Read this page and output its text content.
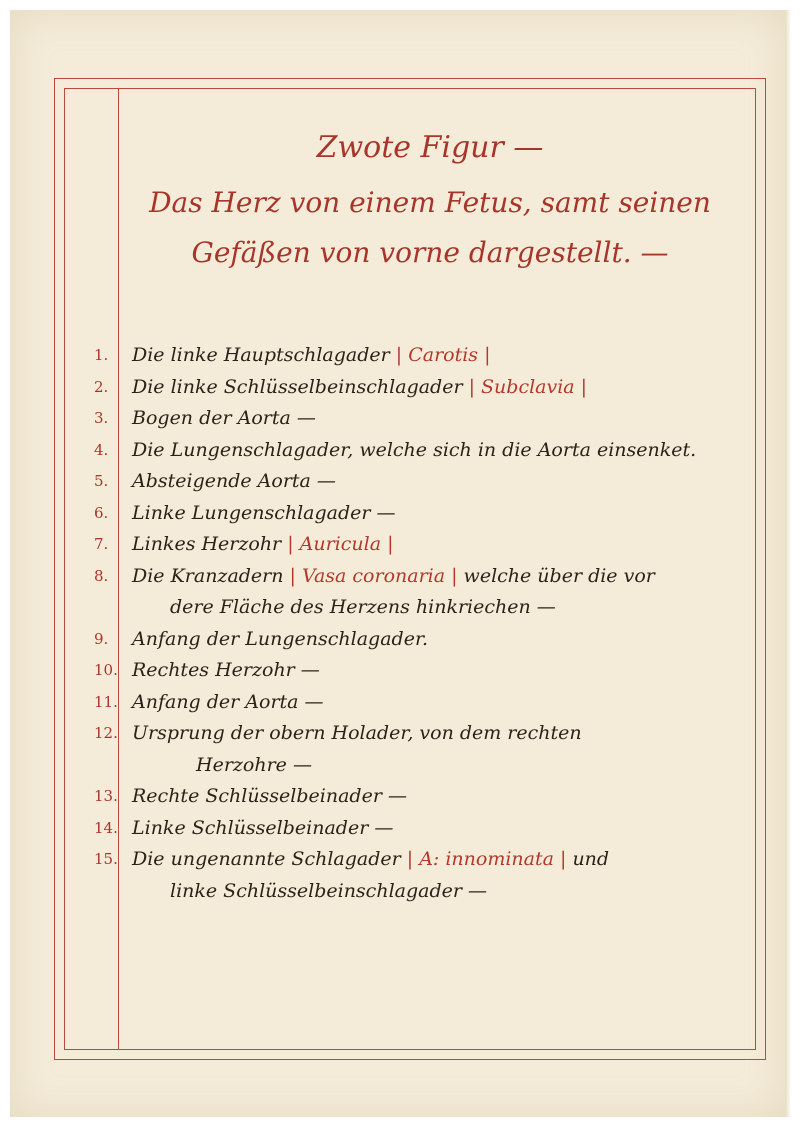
Zwote Figur —
Das Herz von einem Fetus, samt seinen
Gefäßen von vorne dargestellt. —
1.	Die linke Hauptschlagader | Carotis |
2.	Die linke Schlüsselbeinschlagader | Subclavia |
3.	Bogen der Aorta —
4.	Die Lungenschlagader, welche sich in die Aorta einsenket.
5.	Absteigende Aorta —
6.	Linke Lungenschlagader —
7.	Linkes Herzohr | Auricula |
8.	Die Kranzadern | Vasa coronaria | welche über die vor
dere Fläche des Herzens hinkriechen —
9.	Anfang der Lungenschlagader.
10. Rechtes Herzohr —
11. Anfang der Aorta —
12. Ursprung der obern Holader, von dem rechten
Herzohre —
13. Rechte Schlüsselbeinader —
14. Linke Schlüsselbeinader —
15. Die ungenannte Schlagader | A: innominata | und
linke Schlüsselbeinschlagader —
